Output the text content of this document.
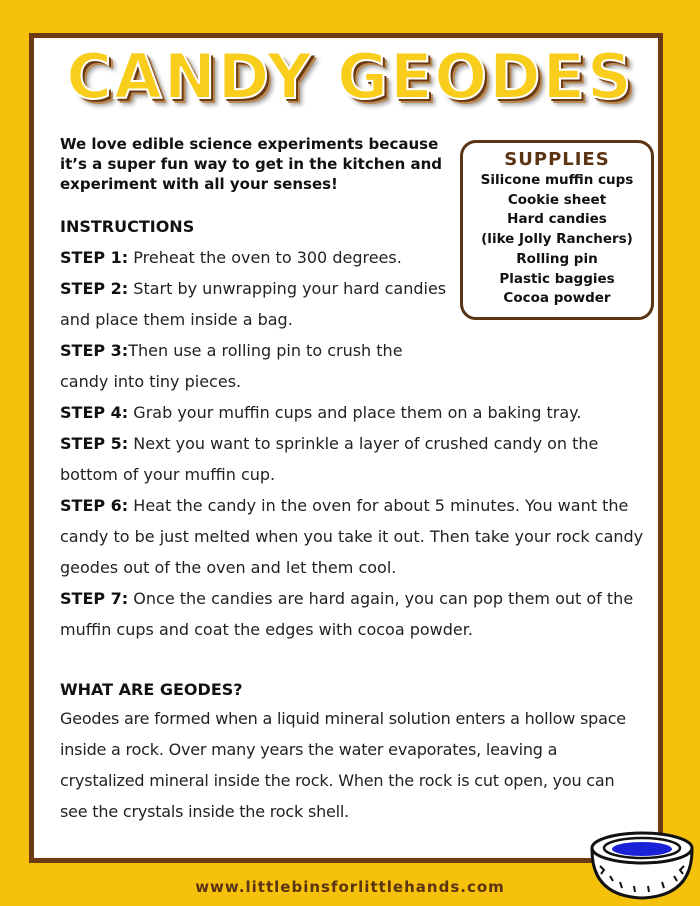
CANDY GEODES
We love edible science experiments because it’s a super fun way to get in the kitchen and experiment with all your senses!
SUPPLIES
Silicone muffin cups
Cookie sheet
Hard candies
(like Jolly Ranchers)
Rolling pin
Plastic baggies
Cocoa powder
INSTRUCTIONS
STEP 1: Preheat the oven to 300 degrees.
STEP 2: Start by unwrapping your hard candies and place them inside a bag.
STEP 3:Then use a rolling pin to crush the candy into tiny pieces.
STEP 4: Grab your muffin cups and place them on a baking tray.
STEP 5: Next you want to sprinkle a layer of crushed candy on the bottom of your muffin cup.
STEP 6: Heat the candy in the oven for about 5 minutes. You want the candy to be just melted when you take it out. Then take your rock candy geodes out of the oven and let them cool.
STEP 7: Once the candies are hard again, you can pop them out of the muffin cups and coat the edges with cocoa powder.
WHAT ARE GEODES?
Geodes are formed when a liquid mineral solution enters a hollow space inside a rock. Over many years the water evaporates, leaving a crystalized mineral inside the rock. When the rock is cut open, you can see the crystals inside the rock shell.
www.littlebinsforlittlehands.com
